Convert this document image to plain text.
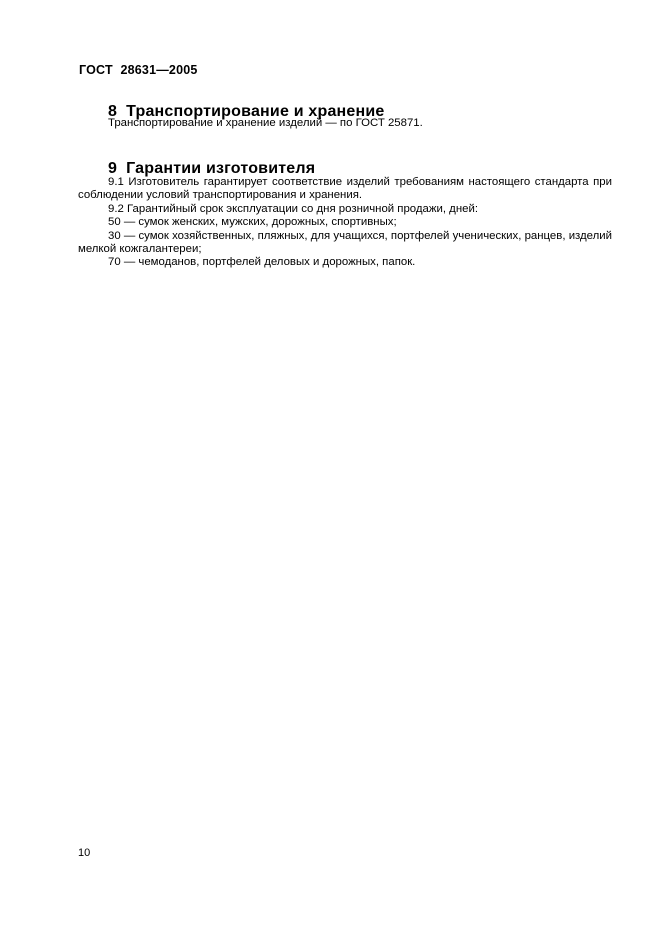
ГОСТ 28631—2005
8 Транспортирование и хранение
Транспортирование и хранение изделий — по ГОСТ 25871.
9 Гарантии изготовителя

9.1 Изготовитель гарантирует соответствие изделий требованиям настоящего стандарта при соблюдении условий транспортирования и хранения.

9.2 Гарантийный срок эксплуатации со дня розничной продажи, дней:

50 — сумок женских, мужских, дорожных, спортивных;

30 — сумок хозяйственных, пляжных, для учащихся, портфелей ученических, ранцев, изделий мелкой кожгалантереи;

70 — чемоданов, портфелей деловых и дорожных, папок.

10
